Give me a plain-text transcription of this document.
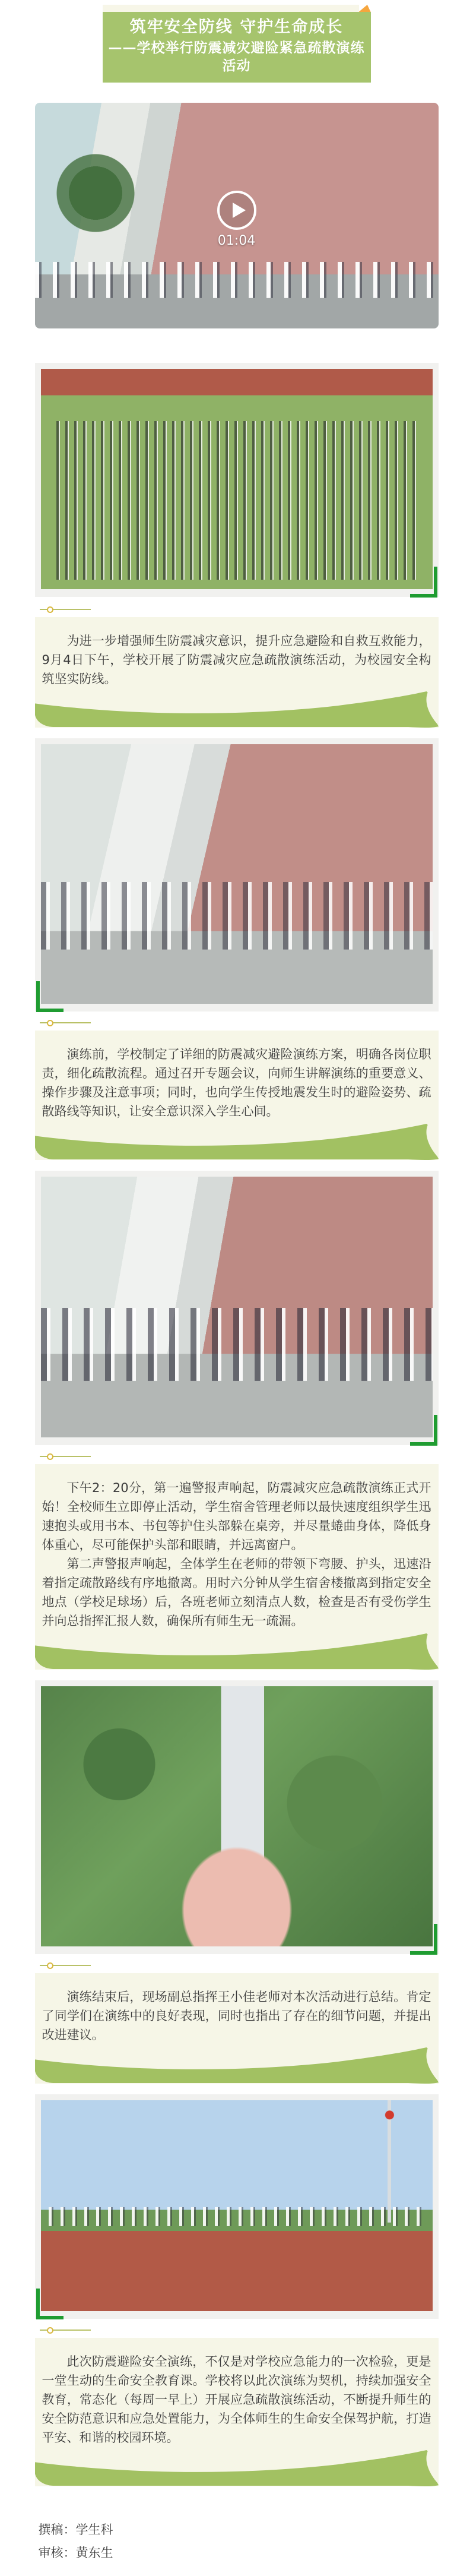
筑牢安全防线 守护生命成长
——学校举行防震减灾避险紧急疏散演练活动
01:04

为进一步增强师生防震减灾意识，提升应急避险和自救互救能力，9月4日下午，学校开展了防震减灾应急疏散演练活动，为校园安全构筑坚实防线。

演练前，学校制定了详细的防震减灾避险演练方案，明确各岗位职责，细化疏散流程。通过召开专题会议，向师生讲解演练的重要意义、操作步骤及注意事项；同时，也向学生传授地震发生时的避险姿势、疏散路线等知识，让安全意识深入学生心间。

下午2：20分，第一遍警报声响起，防震减灾应急疏散演练正式开始！全校师生立即停止活动，学生宿舍管理老师以最快速度组织学生迅速抱头或用书本、书包等护住头部躲在桌旁，并尽量蜷曲身体，降低身体重心，尽可能保护头部和眼睛，并远离窗户。

第二声警报声响起，全体学生在老师的带领下弯腰、护头，迅速沿着指定疏散路线有序地撤离。用时六分钟从学生宿舍楼撤离到指定安全地点（学校足球场）后，各班老师立刻清点人数，检查是否有受伤学生并向总指挥汇报人数，确保所有师生无一疏漏。

演练结束后，现场副总指挥王小佳老师对本次活动进行总结。肯定了同学们在演练中的良好表现，同时也指出了存在的细节问题，并提出改进建议。

此次防震避险安全演练，不仅是对学校应急能力的一次检验，更是一堂生动的生命安全教育课。学校将以此次演练为契机，持续加强安全教育，常态化（每周一早上）开展应急疏散演练活动，不断提升师生的安全防范意识和应急处置能力，为全体师生的生命安全保驾护航，打造平安、和谐的校园环境。

撰稿：学生科

审核：黄东生
